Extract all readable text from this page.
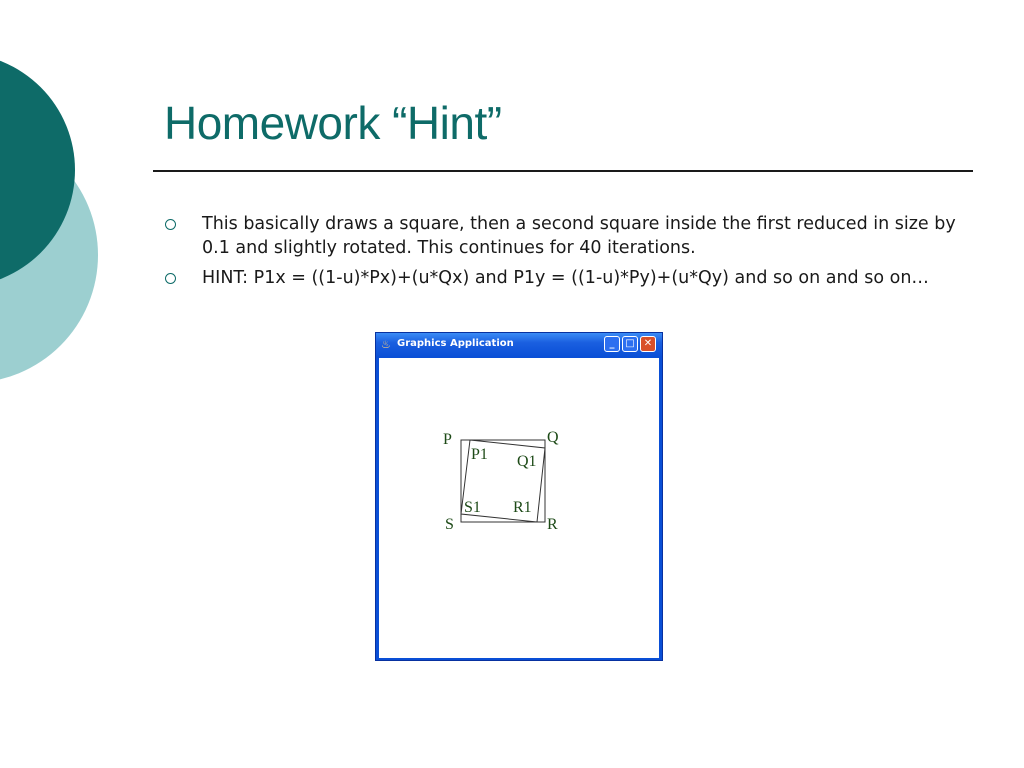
Homework “Hint”
This basically draws a square, then a second square inside the first reduced in size by 0.1 and slightly rotated. This continues for 40 iterations.
HINT: P1x = ((1-u)*Px)+(u*Qx) and P1y = ((1-u)*Py)+(u*Qy) and so on and so on…
♨ Graphics Application	_	□ ✕
P	Q
R
S
P1 Q1
R1
S1
